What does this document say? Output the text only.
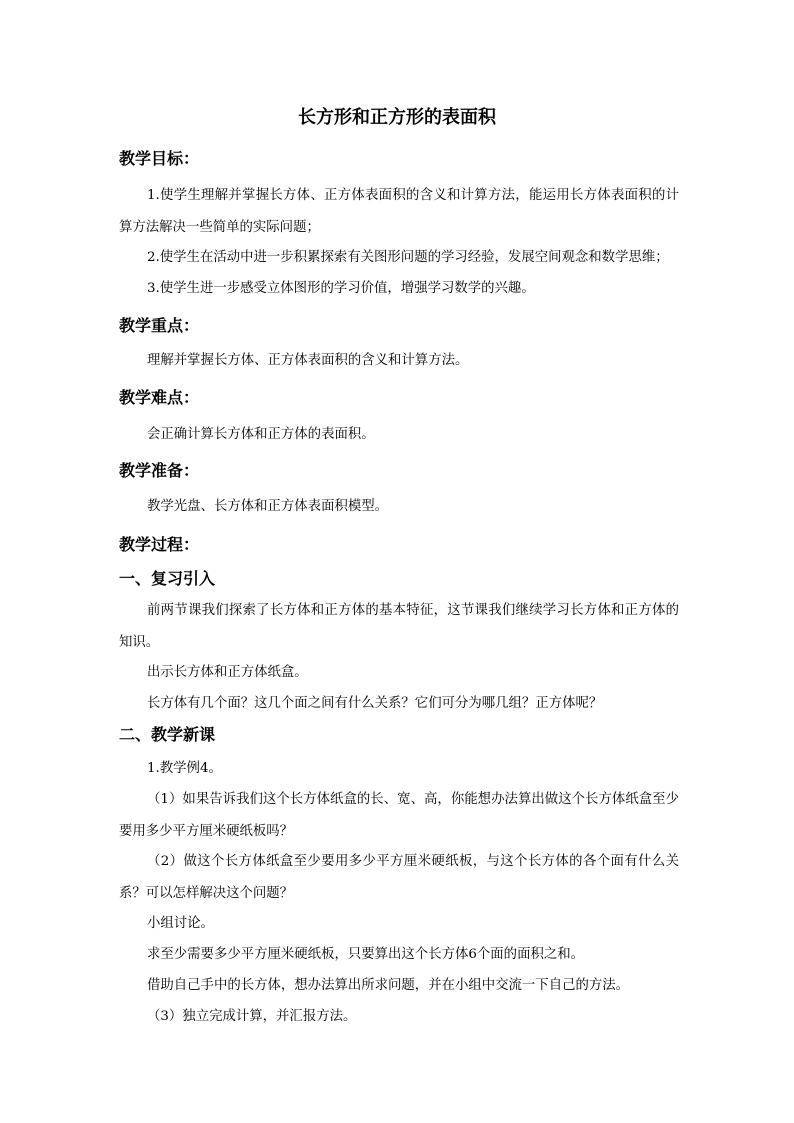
长方形和正方形的表面积
教学目标：

1.使学生理解并掌握长方体、正方体表面积的含义和计算方法，能运用长方体表面积的计算方法解决一些简单的实际问题；

2.使学生在活动中进一步积累探索有关图形问题的学习经验，发展空间观念和数学思维；
3.使学生进一步感受立体图形的学习价值，增强学习数学的兴趣。
教学重点：
理解并掌握长方体、正方体表面积的含义和计算方法。
教学难点：
会正确计算长方体和正方体的表面积。
教学准备：
教学光盘、长方体和正方体表面积模型。
教学过程：
一、复习引入

前两节课我们探索了长方体和正方体的基本特征，这节课我们继续学习长方体和正方体的知识。

出示长方体和正方体纸盒。
长方体有几个面？这几个面之间有什么关系？它们可分为哪几组？正方体呢？
二、教学新课
1.教学例4。

（1）如果告诉我们这个长方体纸盒的长、宽、高，你能想办法算出做这个长方体纸盒至少要用多少平方厘米硬纸板吗？

（2）做这个长方体纸盒至少要用多少平方厘米硬纸板，与这个长方体的各个面有什么关系？可以怎样解决这个问题？

小组讨论。
求至少需要多少平方厘米硬纸板，只要算出这个长方体6个面的面积之和。
借助自己手中的长方体，想办法算出所求问题，并在小组中交流一下自己的方法。
（3）独立完成计算，并汇报方法。
